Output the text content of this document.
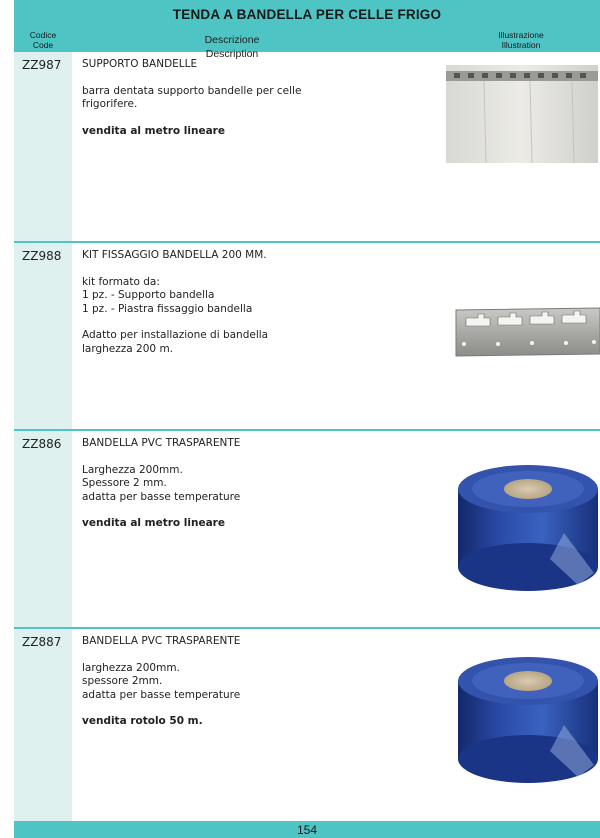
TENDA A BANDELLA PER CELLE FRIGO
Codice
Code	Descrizione
Description
Illustrazione
Illustration
ZZ987 SUPPORTO BANDELLE
barra dentata supporto bandelle per celle
frigorifere.
vendita al metro lineare
ZZ988 KIT FISSAGGIO BANDELLA 200 MM.
kit formato da:
1 pz. - Supporto bandella
1 pz. - Piastra fissaggio bandella
Adatto per installazione di bandella
larghezza 200 m.
ZZ886 BANDELLA PVC TRASPARENTE
Larghezza 200mm.
Spessore 2 mm.
adatta per basse temperature
vendita al metro lineare
ZZ887 BANDELLA PVC TRASPARENTE
larghezza 200mm.
spessore 2mm.
adatta per basse temperature
vendita rotolo 50 m.
154
